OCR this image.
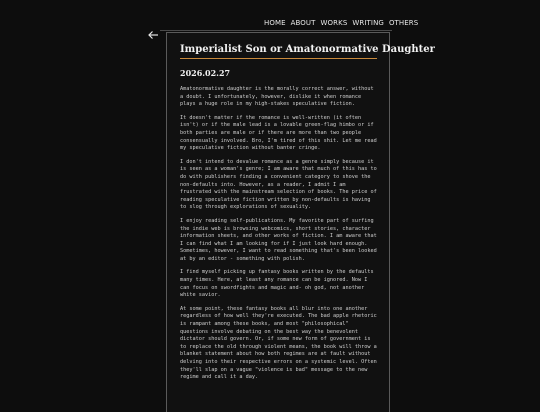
HOME ABOUT WORKS WRITING OTHERS
Imperialist Son or Amatonormative Daughter
2026.02.27

Amatonormative daughter is the morally correct answer, without a doubt. I unfortunately, however, dislike it when romance plays a huge role in my high-stakes speculative fiction.

It doesn't matter if the romance is well-written (it often isn't) or if the male lead is a lovable green-flag himbo or if both parties are male or if there are more than two people consensually involved. Bro, I'm tired of this shit. Let me read my speculative fiction without banter cringe.

I don't intend to devalue romance as a genre simply because it is seen as a woman's genre; I am aware that much of this has to do with publishers finding a convenient category to shove the non-defaults into. However, as a reader, I admit I am frustrated with the mainstream selection of books. The price of reading speculative fiction written by non-defaults is having to slog through explorations of sexuality.

I enjoy reading self-publications. My favorite part of surfing the indie web is browsing webcomics, short stories, character information sheets, and other works of fiction. I am aware that I can find what I am looking for if I just look hard enough. Sometimes, however, I want to read something that's been looked at by an editor - something with polish.

I find myself picking up fantasy books written by the defaults many times. Here, at least any romance can be ignored. Now I can focus on swordfights and magic and- oh god, not another white savior.

At some point, these fantasy books all blur into one another regardless of how well they're executed. The bad apple rhetoric is rampant among these books, and most "philosophical" questions involve debating on the best way the benevolent dictator should govern. Or, if some new form of government is to replace the old through violent means, the book will throw a blanket statement about how both regimes are at fault without delving into their respective errors on a systemic level. Often they'll slap on a vague "violence is bad" message to the new regime and call it a day.
